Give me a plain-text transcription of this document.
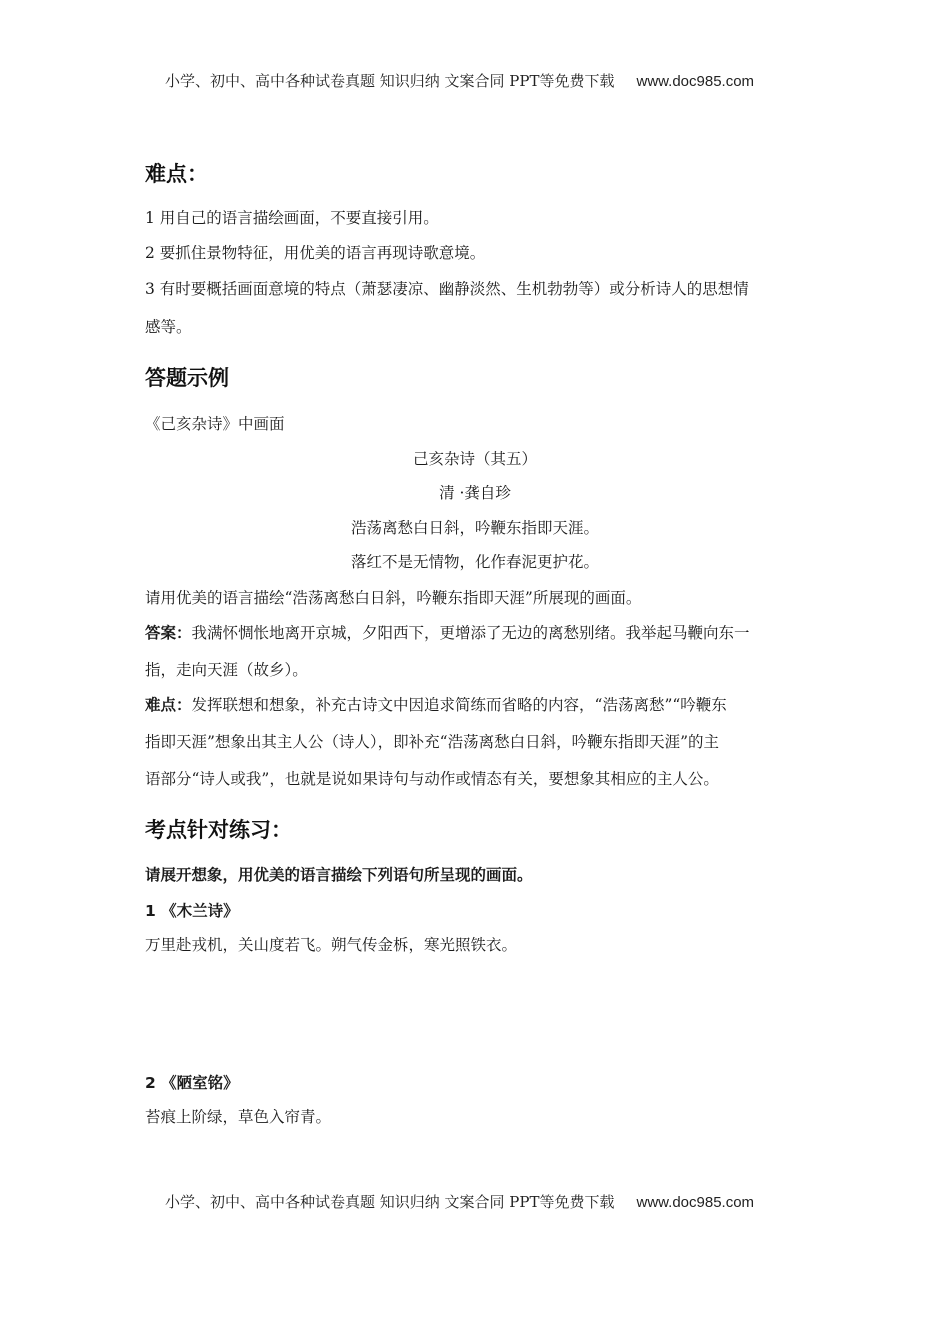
小学、初中、高中各种试卷真题 知识归纳 文案合同 PPT等免费下载 www.doc985.com
难点：
1 用自己的语言描绘画面，不要直接引用。
2 要抓住景物特征，用优美的语言再现诗歌意境。
3 有时要概括画面意境的特点（萧瑟凄凉、幽静淡然、生机勃勃等）或分析诗人的思想情
感等。
答题示例
《己亥杂诗》中画面
己亥杂诗（其五）
清 ·龚自珍
浩荡离愁白日斜，吟鞭东指即天涯。
落红不是无情物，化作春泥更护花。
请用优美的语言描绘“浩荡离愁白日斜，吟鞭东指即天涯”所展现的画面。
答案：我满怀惆怅地离开京城，夕阳西下，更增添了无边的离愁别绪。我举起马鞭向东一
指，走向天涯（故乡）。
难点：发挥联想和想象，补充古诗文中因追求简练而省略的内容，“浩荡离愁”“吟鞭东
指即天涯”想象出其主人公（诗人），即补充“浩荡离愁白日斜，吟鞭东指即天涯”的主
语部分“诗人或我”，也就是说如果诗句与动作或情态有关，要想象其相应的主人公。
考点针对练习：
请展开想象，用优美的语言描绘下列语句所呈现的画面。
1 《木兰诗》
万里赴戎机，关山度若飞。朔气传金柝，寒光照铁衣。
2 《陋室铭》
苔痕上阶绿，草色入帘青。
小学、初中、高中各种试卷真题 知识归纳 文案合同 PPT等免费下载 www.doc985.com
